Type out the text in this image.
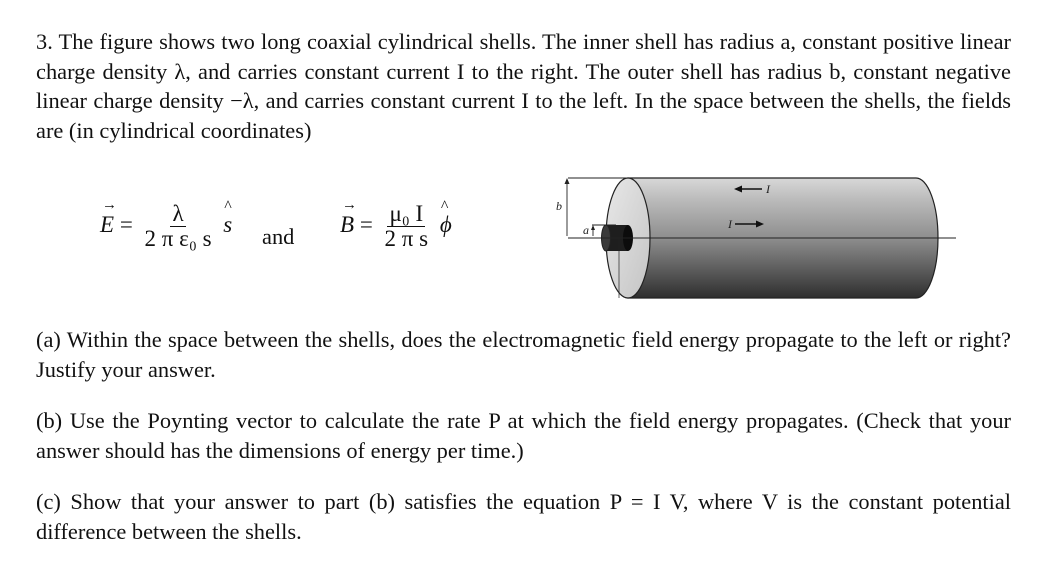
3. The figure shows two long coaxial cylindrical shells. The inner shell has radius a, constant positive linear charge density λ, and carries constant current I to the right. The outer shell has radius b, constant negative linear charge density −λ, and carries constant current I to the left. In the space between the shells, the fields are (in cylindrical coordinates)
→ $E = \frac{\lambda}{\text{2 π ε₀ s}}$ ^ s and → $B = \frac{\text{μ₀ I}}{\text{2 π s}}$ ^ ϕ
b
a
I
I
(a) Within the space between the shells, does the electromagnetic field energy propagate to the left or right? Justify your answer.
(b) Use the Poynting vector to calculate the rate P at which the field energy propagates. (Check that your answer should has the dimensions of energy per time.)
(c) Show that your answer to part (b) satisfies the equation P = I V, where V is the constant potential difference between the shells.
